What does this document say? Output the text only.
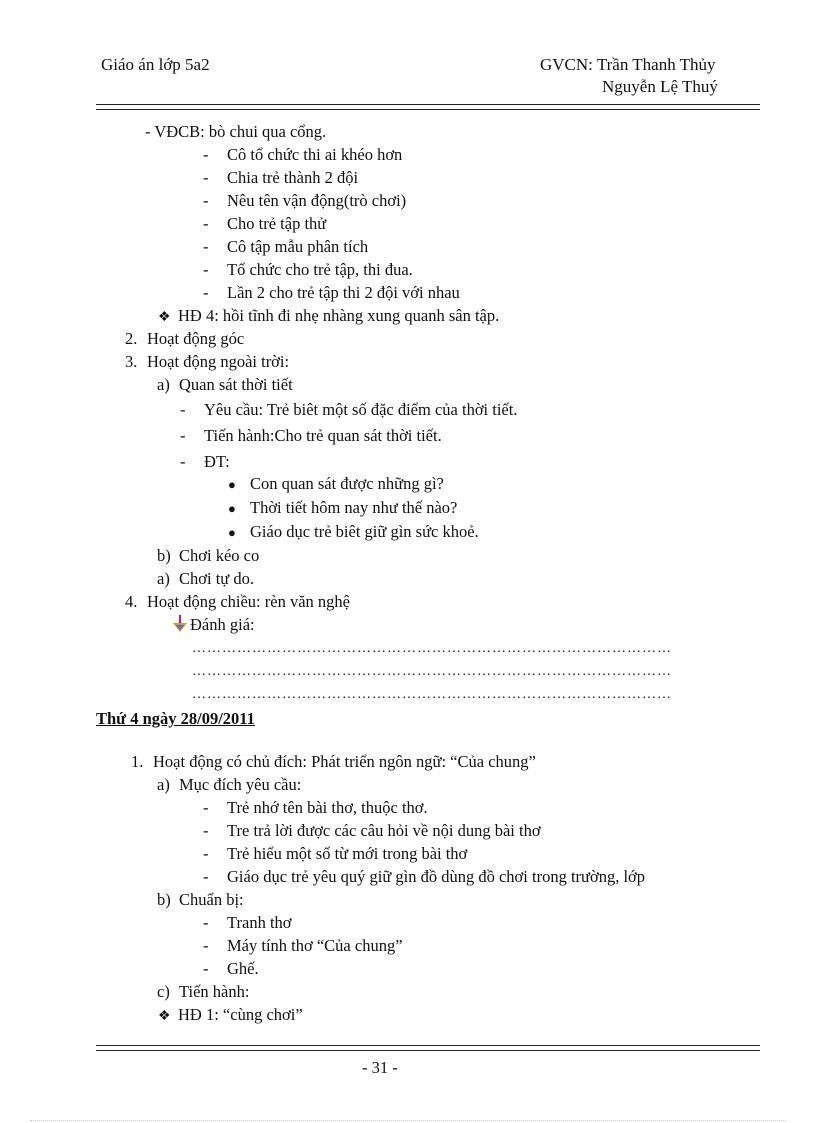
Giáo án lớp 5a2	GVCN: Trần Thanh Thủy
Nguyễn Lệ Thuý
- VĐCB: bò chui qua cổng.
- Cô tổ chức thi ai khéo hơn
- Chia trẻ thành 2 đội
- Nêu tên vận động(trò chơi)
- Cho trẻ tập thử
- Cô tập mẫu phân tích
- Tổ chức cho trẻ tập, thi đua.
- Lần 2 cho trẻ tập thi 2 đội với nhau
❖ HĐ 4: hồi tĩnh đi nhẹ nhàng xung quanh sân tập.
2. Hoạt động góc
3. Hoạt động ngoài trời:
a) Quan sát thời tiết
- Yêu cầu: Trẻ biêt một số đặc điểm của thời tiết.
- Tiến hành:Cho trẻ quan sát thời tiết.
- ĐT:
● Con quan sát được những gì?
● Thời tiết hôm nay như thế nào?
● Giáo dục trẻ biêt giữ gìn sức khoẻ.
b) Chơi kéo co
a) Chơi tự do.
4. Hoạt động chiều: rèn văn nghệ
Đánh giá:
……………………………………………………………………………………
……………………………………………………………………………………
……………………………………………………………………………………
Thứ 4 ngày 28/09/2011
1. Hoạt động có chủ đích: Phát triển ngôn ngữ: “Của chung”
a) Mục đích yêu cầu:
- Trẻ nhớ tên bài thơ, thuộc thơ.
- Tre trả lời được các câu hỏi về nội dung bài thơ
- Trẻ hiểu một số từ mới trong bài thơ
- Giáo dục trẻ yêu quý giữ gìn đồ dùng đồ chơi trong trường, lớp
b) Chuẩn bị:
- Tranh thơ
- Máy tính thơ “Của chung”
- Ghế.
c) Tiến hành:
❖ HĐ 1: “cùng chơi”
- 31 -
